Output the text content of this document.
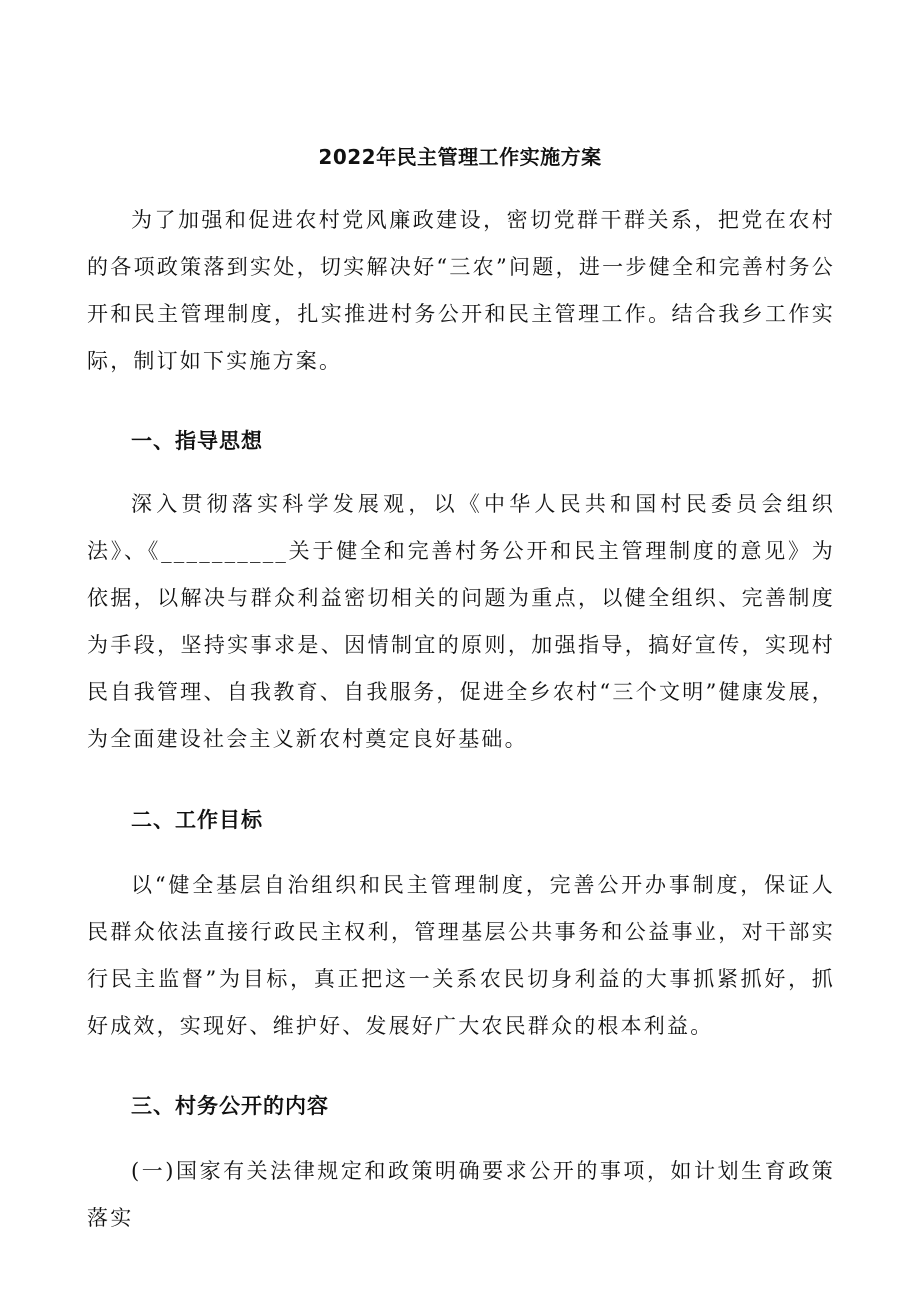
2022年民主管理工作实施方案
为了加强和促进农村党风廉政建设，密切党群干群关系，把党在农村的各项政策落到实处，切实解决好“三农”问题，进一步健全和完善村务公开和民主管理制度，扎实推进村务公开和民主管理工作。结合我乡工作实际，制订如下实施方案。
一、指导思想
深入贯彻落实科学发展观，以《中华人民共和国村民委员会组织法》、《__________关于健全和完善村务公开和民主管理制度的意见》为依据，以解决与群众利益密切相关的问题为重点，以健全组织、完善制度为手段，坚持实事求是、因情制宜的原则，加强指导，搞好宣传，实现村民自我管理、自我教育、自我服务，促进全乡农村“三个文明”健康发展，为全面建设社会主义新农村奠定良好基础。
二、工作目标
以“健全基层自治组织和民主管理制度，完善公开办事制度，保证人民群众依法直接行政民主权利，管理基层公共事务和公益事业，对干部实行民主监督”为目标，真正把这一关系农民切身利益的大事抓紧抓好，抓好成效，实现好、维护好、发展好广大农民群众的根本利益。
三、村务公开的内容
(一)国家有关法律规定和政策明确要求公开的事项，如计划生育政策落实
